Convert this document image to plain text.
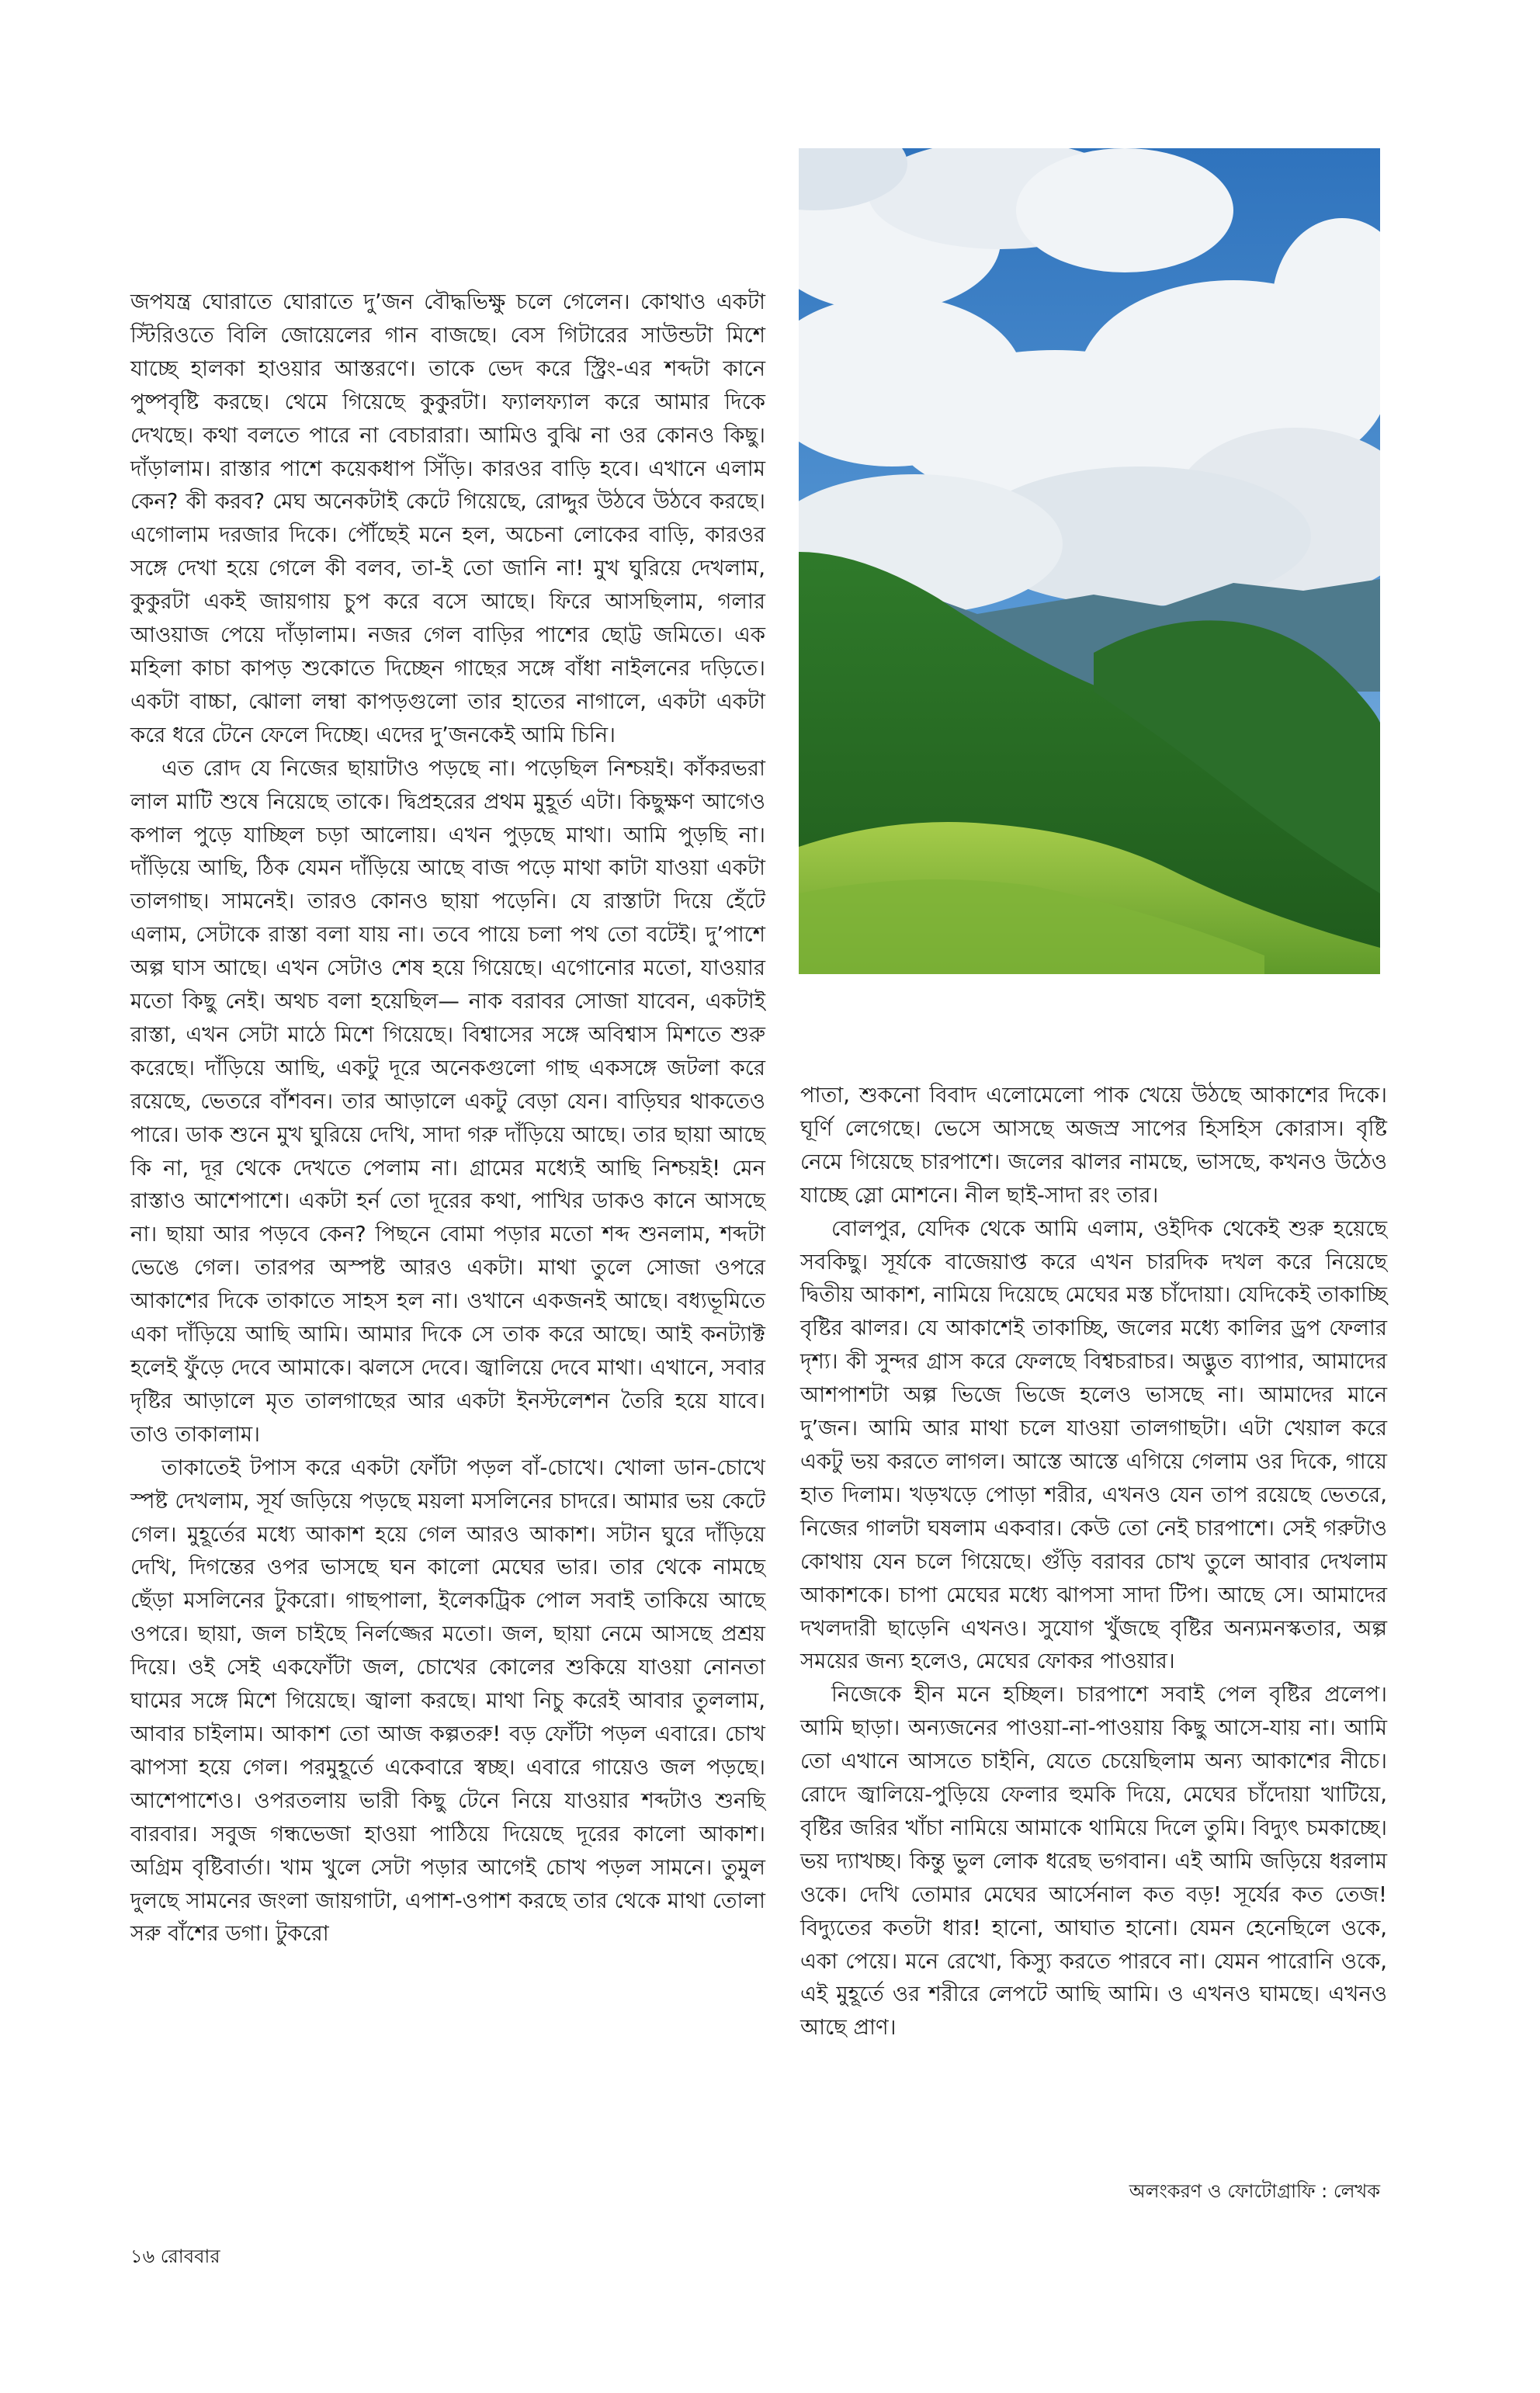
জপযন্ত্র ঘোরাতে ঘোরাতে দু’জন বৌদ্ধভিক্ষু চলে গেলেন। কোথাও একটা স্টিরিওতে বিলি জোয়েলের গান বাজছে। বেস গিটারের সাউন্ডটা মিশে যাচ্ছে হালকা হাওয়ার আস্তরণে। তাকে ভেদ করে স্ট্রিং-এর শব্দটা কানে পুষ্পবৃষ্টি করছে। থেমে গিয়েছে কুকুরটা। ফ্যালফ্যাল করে আমার দিকে দেখছে। কথা বলতে পারে না বেচারারা। আমিও বুঝি না ওর কোনও কিছু। দাঁড়ালাম। রাস্তার পাশে কয়েকধাপ সিঁড়ি। কারওর বাড়ি হবে। এখানে এলাম কেন? কী করব? মেঘ অনেকটাই কেটে গিয়েছে, রোদ্দুর উঠবে উঠবে করছে। এগোলাম দরজার দিকে। পৌঁছেই মনে হল, অচেনা লোকের বাড়ি, কারওর সঙ্গে দেখা হয়ে গেলে কী বলব, তা-ই তো জানি না! মুখ ঘুরিয়ে দেখলাম, কুকুরটা একই জায়গায় চুপ করে বসে আছে। ফিরে আসছিলাম, গলার আওয়াজ পেয়ে দাঁড়ালাম। নজর গেল বাড়ির পাশের ছোট্ট জমিতে। এক মহিলা কাচা কাপড় শুকোতে দিচ্ছেন গাছের সঙ্গে বাঁধা নাইলনের দড়িতে। একটা বাচ্চা, ঝোলা লম্বা কাপড়গুলো তার হাতের নাগালে, একটা একটা করে ধরে টেনে ফেলে দিচ্ছে। এদের দু’জনকেই আমি চিনি।

এত রোদ যে নিজের ছায়াটাও পড়ছে না। পড়েছিল নিশ্চয়ই। কাঁকরভরা লাল মাটি শুষে নিয়েছে তাকে। দ্বিপ্রহরের প্রথম মুহূর্ত এটা। কিছুক্ষণ আগেও কপাল পুড়ে যাচ্ছিল চড়া আলোয়। এখন পুড়ছে মাথা। আমি পুড়ছি না। দাঁড়িয়ে আছি, ঠিক যেমন দাঁড়িয়ে আছে বাজ পড়ে মাথা কাটা যাওয়া একটা তালগাছ। সামনেই। তারও কোনও ছায়া পড়েনি। যে রাস্তাটা দিয়ে হেঁটে এলাম, সেটাকে রাস্তা বলা যায় না। তবে পায়ে চলা পথ তো বটেই। দু’পাশে অল্প ঘাস আছে। এখন সেটাও শেষ হয়ে গিয়েছে। এগোনোর মতো, যাওয়ার মতো কিছু নেই। অথচ বলা হয়েছিল— নাক বরাবর সোজা যাবেন, একটাই রাস্তা, এখন সেটা মাঠে মিশে গিয়েছে। বিশ্বাসের সঙ্গে অবিশ্বাস মিশতে শুরু করেছে। দাঁড়িয়ে আছি, একটু দূরে অনেকগুলো গাছ একসঙ্গে জটলা করে রয়েছে, ভেতরে বাঁশবন। তার আড়ালে একটু বেড়া যেন। বাড়িঘর থাকতেও পারে। ডাক শুনে মুখ ঘুরিয়ে দেখি, সাদা গরু দাঁড়িয়ে আছে। তার ছায়া আছে কি না, দূর থেকে দেখতে পেলাম না। গ্রামের মধ্যেই আছি নিশ্চয়ই! মেন রাস্তাও আশেপাশে। একটা হর্ন তো দূরের কথা, পাখির ডাকও কানে আসছে না। ছায়া আর পড়বে কেন? পিছনে বোমা পড়ার মতো শব্দ শুনলাম, শব্দটা ভেঙে গেল। তারপর অস্পষ্ট আরও একটা। মাথা তুলে সোজা ওপরে আকাশের দিকে তাকাতে সাহস হল না। ওখানে একজনই আছে। বধ্যভূমিতে একা দাঁড়িয়ে আছি আমি। আমার দিকে সে তাক করে আছে। আই কনট্যাক্ট হলেই ফুঁড়ে দেবে আমাকে। ঝলসে দেবে। জ্বালিয়ে দেবে মাথা। এখানে, সবার দৃষ্টির আড়ালে মৃত তালগাছের আর একটা ইনস্টলেশন তৈরি হয়ে যাবে। তাও তাকালাম।

তাকাতেই টপাস করে একটা ফোঁটা পড়ল বাঁ-চোখে। খোলা ডান-চোখে স্পষ্ট দেখলাম, সূর্য জড়িয়ে পড়ছে ময়লা মসলিনের চাদরে। আমার ভয় কেটে গেল। মুহূর্তের মধ্যে আকাশ হয়ে গেল আরও আকাশ। সটান ঘুরে দাঁড়িয়ে দেখি, দিগন্তের ওপর ভাসছে ঘন কালো মেঘের ভার। তার থেকে নামছে ছেঁড়া মসলিনের টুকরো। গাছপালা, ইলেকট্রিক পোল সবাই তাকিয়ে আছে ওপরে। ছায়া, জল চাইছে নির্লজ্জের মতো। জল, ছায়া নেমে আসছে প্রশ্রয় দিয়ে। ওই সেই একফোঁটা জল, চোখের কোলের শুকিয়ে যাওয়া নোনতা ঘামের সঙ্গে মিশে গিয়েছে। জ্বালা করছে। মাথা নিচু করেই আবার তুললাম, আবার চাইলাম। আকাশ তো আজ কল্পতরু! বড় ফোঁটা পড়ল এবারে। চোখ ঝাপসা হয়ে গেল। পরমুহূর্তে একেবারে স্বচ্ছ। এবারে গায়েও জল পড়ছে। আশেপাশেও। ওপরতলায় ভারী কিছু টেনে নিয়ে যাওয়ার শব্দটাও শুনছি বারবার। সবুজ গন্ধভেজা হাওয়া পাঠিয়ে দিয়েছে দূরের কালো আকাশ। অগ্রিম বৃষ্টিবার্তা। খাম খুলে সেটা পড়ার আগেই চোখ পড়ল সামনে। তুমুল দুলছে সামনের জংলা জায়গাটা, এপাশ-ওপাশ করছে তার থেকে মাথা তোলা সরু বাঁশের ডগা। টুকরো

পাতা, শুকনো বিবাদ এলোমেলো পাক খেয়ে উঠছে আকাশের দিকে। ঘূর্ণি লেগেছে। ভেসে আসছে অজস্র সাপের হিসহিস কোরাস। বৃষ্টি নেমে গিয়েছে চারপাশে। জলের ঝালর নামছে, ভাসছে, কখনও উঠেও যাচ্ছে স্লো মোশনে। নীল ছাই-সাদা রং তার।

বোলপুর, যেদিক থেকে আমি এলাম, ওইদিক থেকেই শুরু হয়েছে সবকিছু। সূর্যকে বাজেয়াপ্ত করে এখন চারদিক দখল করে নিয়েছে দ্বিতীয় আকাশ, নামিয়ে দিয়েছে মেঘের মস্ত চাঁদোয়া। যেদিকেই তাকাচ্ছি বৃষ্টির ঝালর। যে আকাশেই তাকাচ্ছি, জলের মধ্যে কালির ড্রপ ফেলার দৃশ্য। কী সুন্দর গ্রাস করে ফেলছে বিশ্বচরাচর। অদ্ভুত ব্যাপার, আমাদের আশপাশটা অল্প ভিজে ভিজে হলেও ভাসছে না। আমাদের মানে দু’জন। আমি আর মাথা চলে যাওয়া তালগাছটা। এটা খেয়াল করে একটু ভয় করতে লাগল। আস্তে আস্তে এগিয়ে গেলাম ওর দিকে, গায়ে হাত দিলাম। খড়খড়ে পোড়া শরীর, এখনও যেন তাপ রয়েছে ভেতরে, নিজের গালটা ঘষলাম একবার। কেউ তো নেই চারপাশে। সেই গরুটাও কোথায় যেন চলে গিয়েছে। গুঁড়ি বরাবর চোখ তুলে আবার দেখলাম আকাশকে। চাপা মেঘের মধ্যে ঝাপসা সাদা টিপ। আছে সে। আমাদের দখলদারী ছাড়েনি এখনও। সুযোগ খুঁজছে বৃষ্টির অন্যমনস্কতার, অল্প সময়ের জন্য হলেও, মেঘের ফোকর পাওয়ার।

নিজেকে হীন মনে হচ্ছিল। চারপাশে সবাই পেল বৃষ্টির প্রলেপ। আমি ছাড়া। অন্যজনের পাওয়া-না-পাওয়ায় কিছু আসে-যায় না। আমি তো এখানে আসতে চাইনি, যেতে চেয়েছিলাম অন্য আকাশের নীচে। রোদে জ্বালিয়ে-পুড়িয়ে ফেলার হুমকি দিয়ে, মেঘের চাঁদোয়া খাটিয়ে, বৃষ্টির জরির খাঁচা নামিয়ে আমাকে থামিয়ে দিলে তুমি। বিদ্যুৎ চমকাচ্ছে। ভয় দ্যাখচ্ছ। কিন্তু ভুল লোক ধরেছ ভগবান। এই আমি জড়িয়ে ধরলাম ওকে। দেখি তোমার মেঘের আর্সেনাল কত বড়! সূর্যের কত তেজ! বিদ্যুতের কতটা ধার! হানো, আঘাত হানো। যেমন হেনেছিলে ওকে, একা পেয়ে। মনে রেখো, কিস্যু করতে পারবে না। যেমন পারোনি ওকে, এই মুহূর্তে ওর শরীরে লেপটে আছি আমি। ও এখনও ঘামছে। এখনও আছে প্রাণ।

অলংকরণ ও ফোটোগ্রাফি : লেখক
১৬ রোববার
